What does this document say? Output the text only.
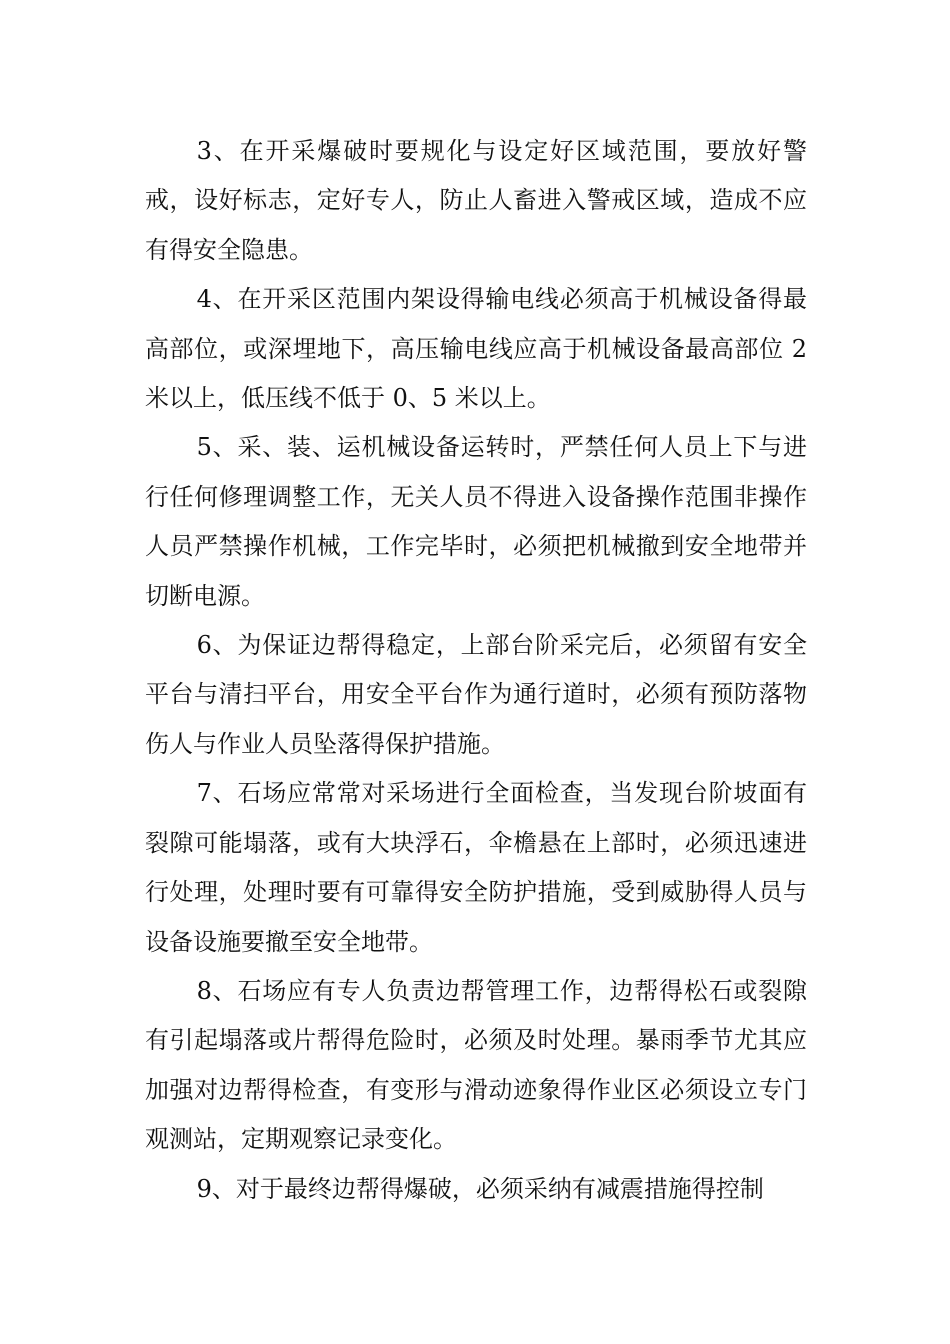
3、在开采爆破时要规化与设定好区域范围，要放好警戒，设好标志，定好专人，防止人畜进入警戒区域，造成不应有得安全隐患。

4、在开采区范围内架设得输电线必须高于机械设备得最高部位，或深埋地下，高压输电线应高于机械设备最高部位 2 米以上，低压线不低于 0、5 米以上。

5、采、装、运机械设备运转时，严禁任何人员上下与进行任何修理调整工作，无关人员不得进入设备操作范围非操作人员严禁操作机械，工作完毕时，必须把机械撤到安全地带并切断电源。

6、为保证边帮得稳定，上部台阶采完后，必须留有安全平台与清扫平台，用安全平台作为通行道时，必须有预防落物伤人与作业人员坠落得保护措施。

7、石场应常常对采场进行全面检查，当发现台阶坡面有裂隙可能塌落，或有大块浮石，伞檐悬在上部时，必须迅速进行处理，处理时要有可靠得安全防护措施，受到威胁得人员与设备设施要撤至安全地带。

8、石场应有专人负责边帮管理工作，边帮得松石或裂隙有引起塌落或片帮得危险时，必须及时处理。暴雨季节尤其应加强对边帮得检查，有变形与滑动迹象得作业区必须设立专门观测站，定期观察记录变化。

9、对于最终边帮得爆破，必须采纳有减震措施得控制
